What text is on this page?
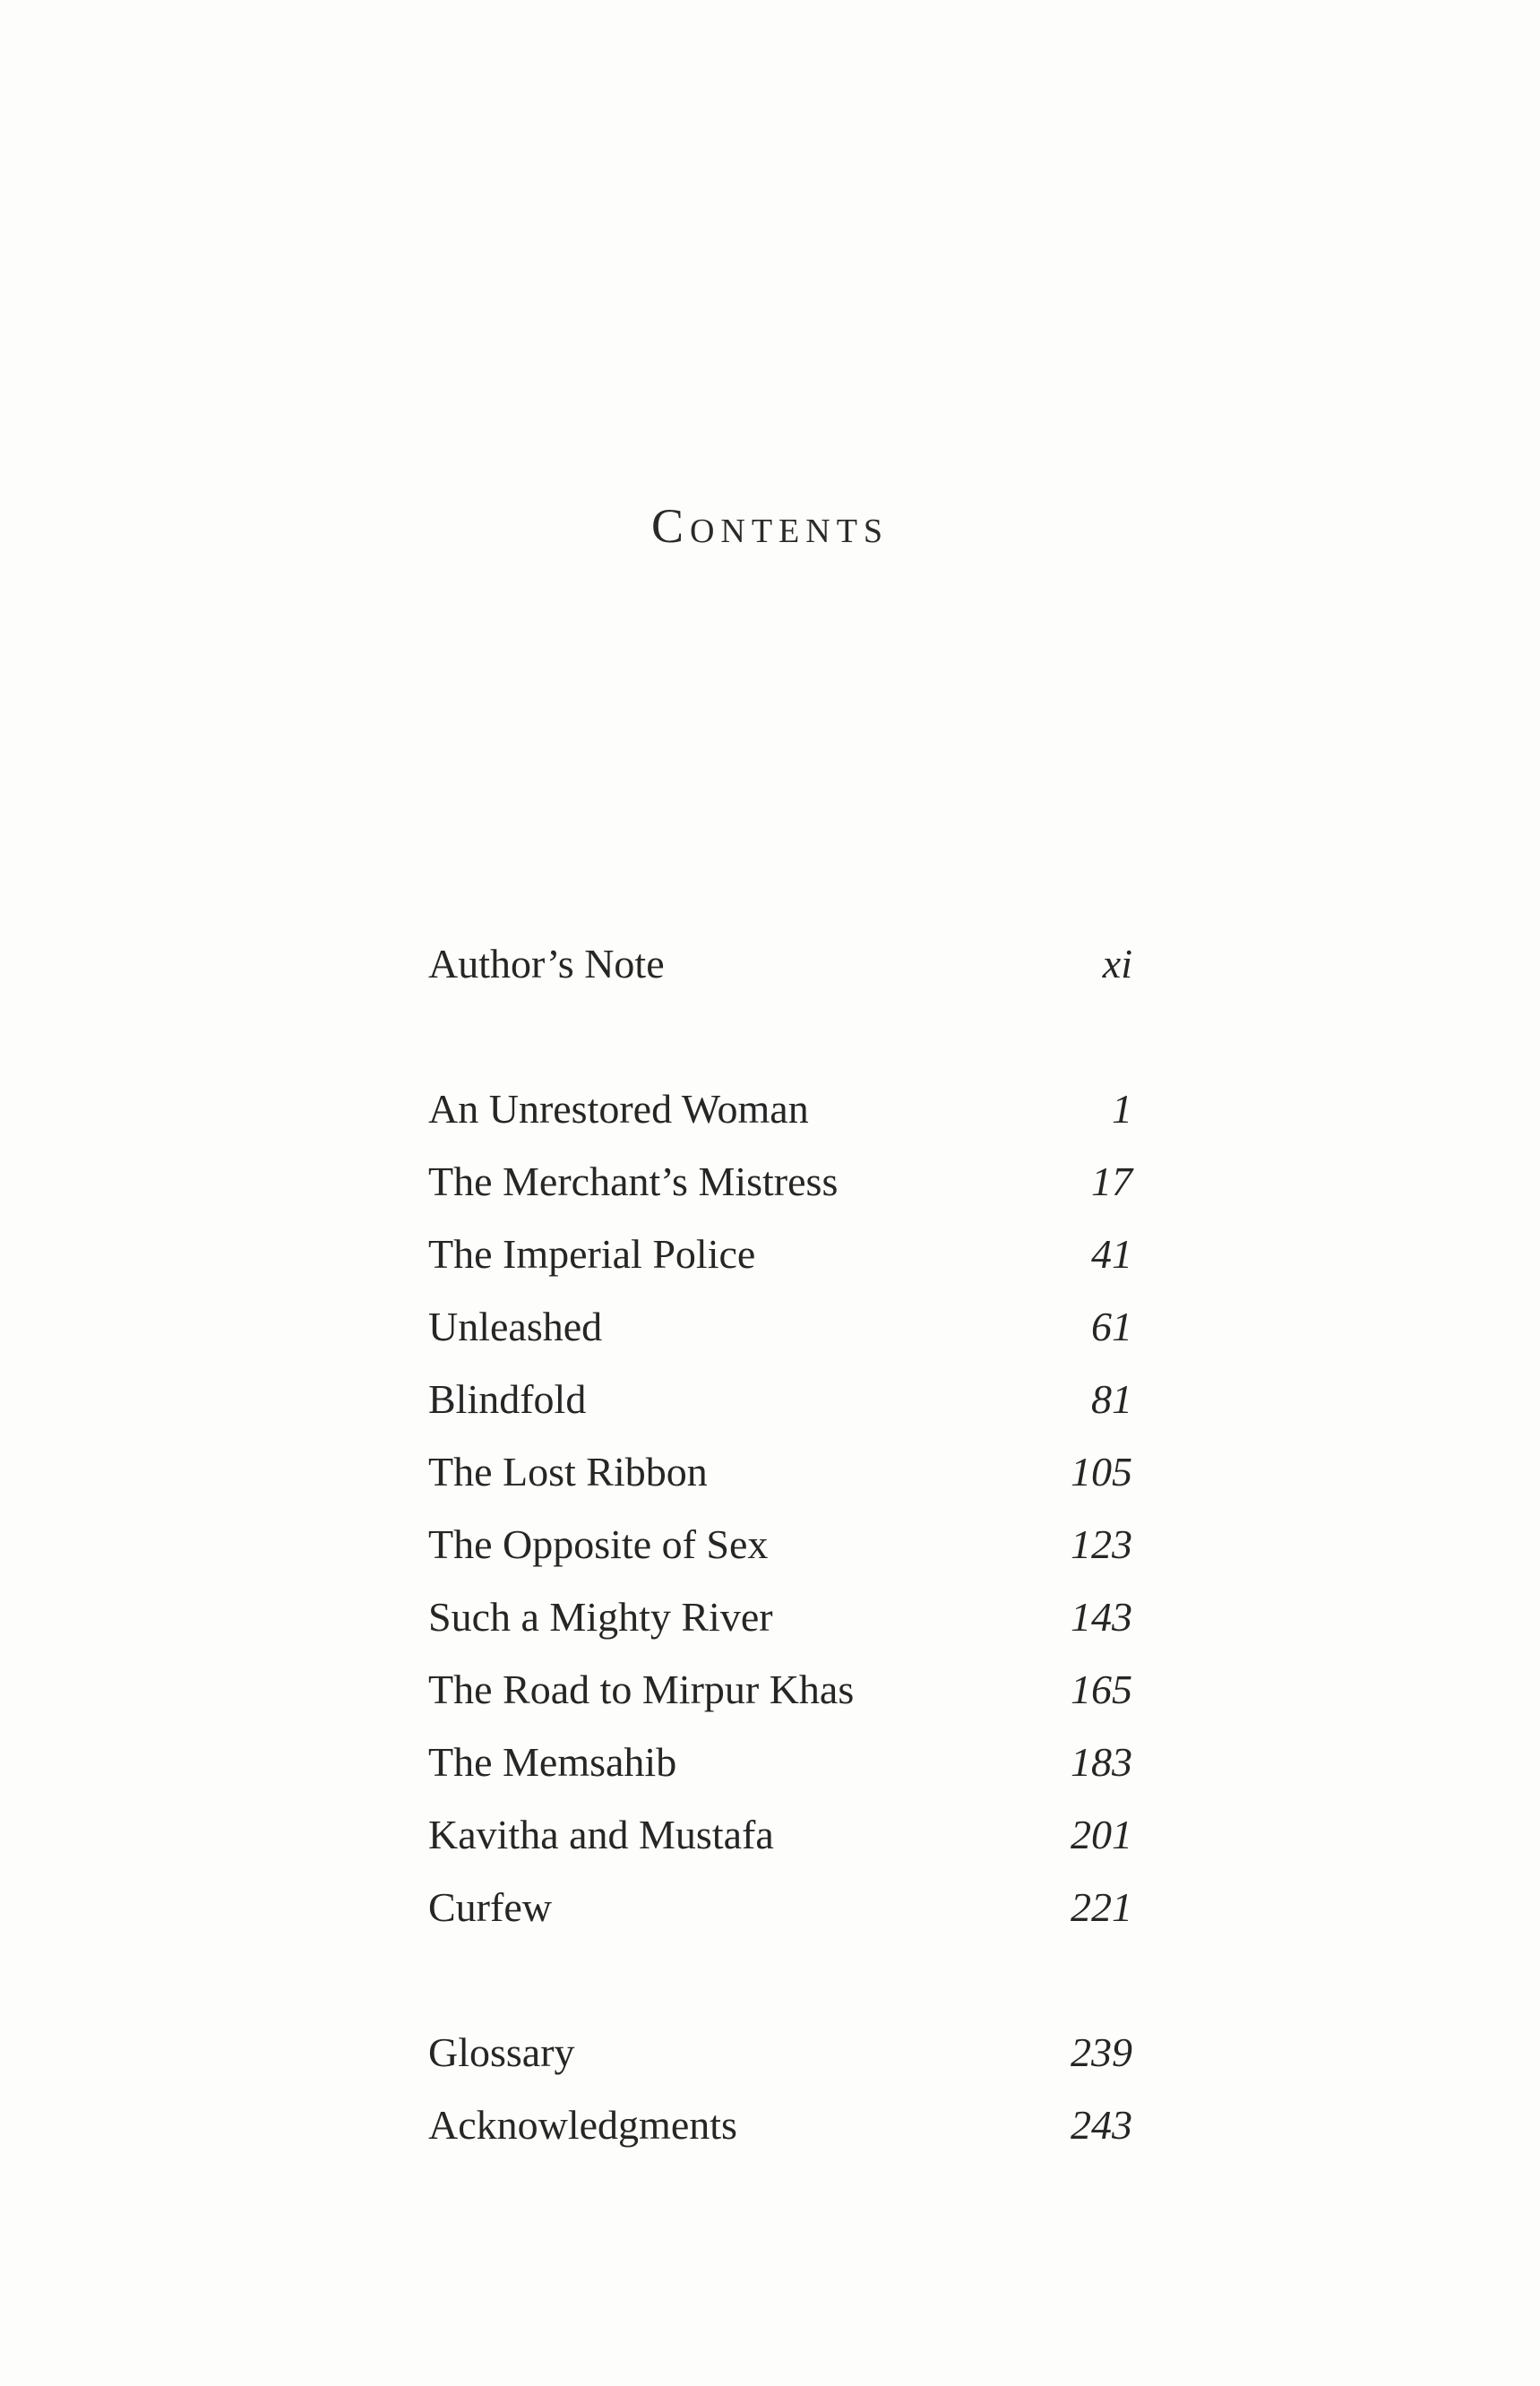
Contents
Author’s Note	xi
An Unrestored Woman	1
The Merchant’s Mistress	17
The Imperial Police	41
Unleashed	61
Blindfold	81
The Lost Ribbon	105
The Opposite of Sex	123
Such a Mighty River	143
The Road to Mirpur Khas	165
The Memsahib	183
Kavitha and Mustafa	201
Curfew	221
Glossary	239
Acknowledgments	243
